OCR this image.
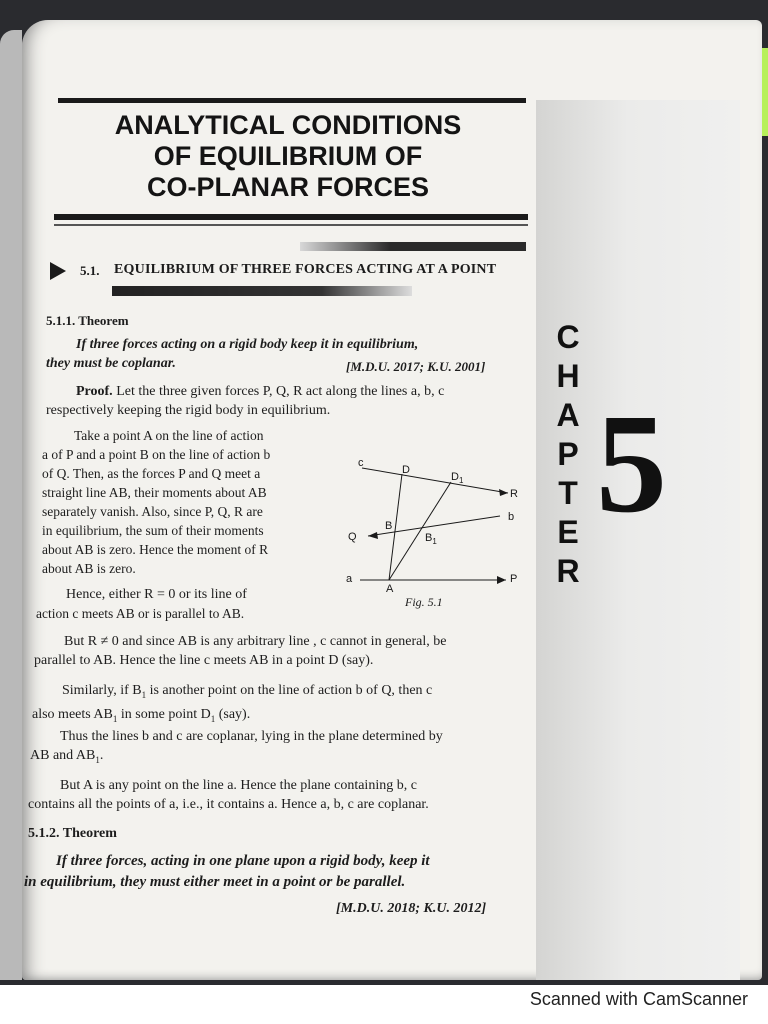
ANALYTICAL CONDITIONS
OF EQUILIBRIUM OF
CO-PLANAR FORCES
5.1. EQUILIBRIUM OF THREE FORCES ACTING AT A POINT
5.1.1. Theorem
If three forces acting on a rigid body keep it in equilibrium,
they must be coplanar.	[M.D.U. 2017; K.U. 2001]
Proof. Let the three given forces P, Q, R act along the lines a, b, c
respectively keeping the rigid body in equilibrium.
Take a point A on the line of action
a of P and a point B on the line of action b
of Q. Then, as the forces P and Q meet a
straight line AB, their moments about AB
separately vanish. Also, since P, Q, R are
in equilibrium, the sum of their moments
about AB is zero. Hence the moment of R
about AB is zero.
Hence, either R = 0 or its line of
action c meets AB or is parallel to AB.
c
D
$D_1$
R
b
B
$B_1$
Q
a
A
P
Fig. 5.1
But R ≠ 0 and since AB is any arbitrary line , c cannot in general, be
parallel to AB. Hence the line c meets AB in a point D (say).
Similarly, if $B_1$ is another point on the line of action b of Q, then c
also meets $AB_1$ in some point $D_1$ (say).
Thus the lines b and c are coplanar, lying in the plane determined by
AB and $AB_1$.
But A is any point on the line a. Hence the plane containing b, c
contains all the points of a, i.e., it contains a. Hence a, b, c are coplanar.
5.1.2. Theorem
If three forces, acting in one plane upon a rigid body, keep it
in equilibrium, they must either meet in a point or be parallel.
[M.D.U. 2018; K.U. 2012]
C
H
A
P
T
E
R
5
Scanned with CamScanner
